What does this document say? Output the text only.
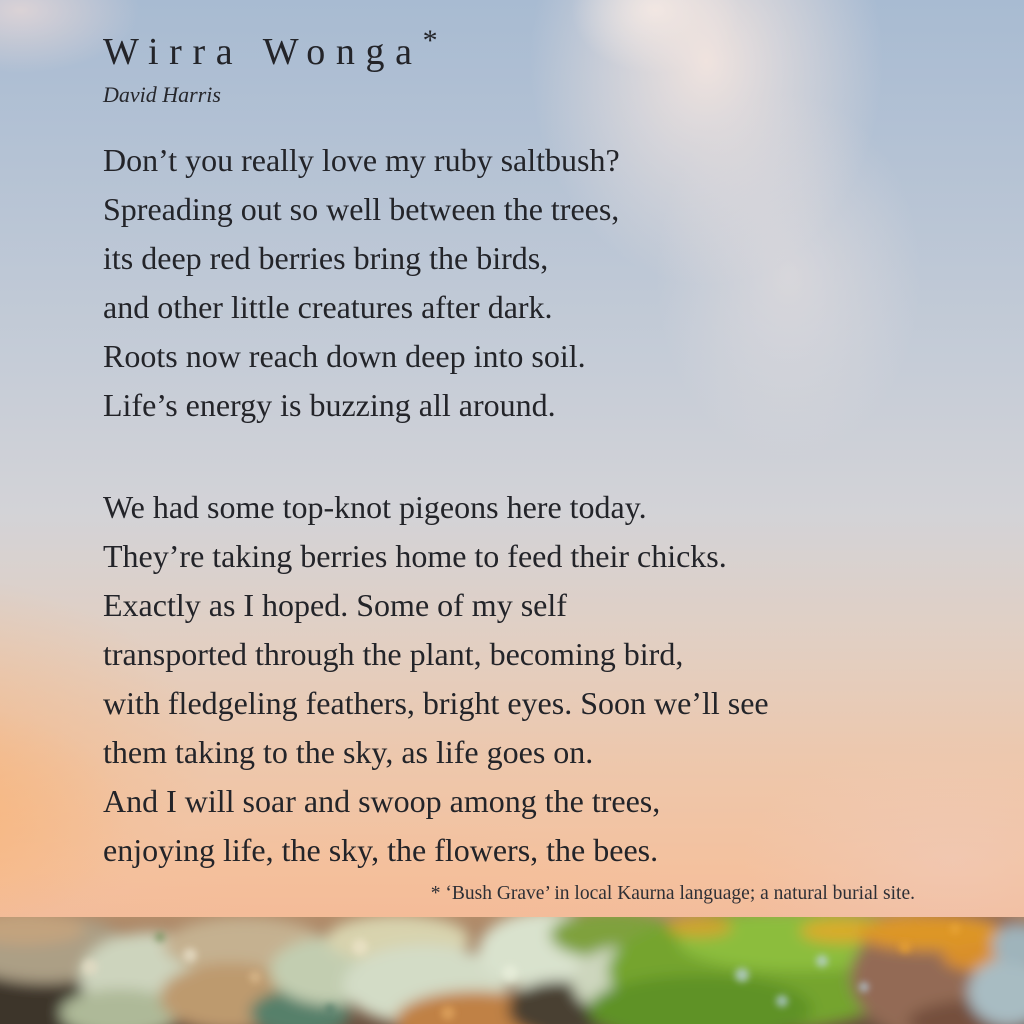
Wirra Wonga*
David Harris
Don’t you really love my ruby saltbush?
Spreading out so well between the trees,
its deep red berries bring the birds,
and other little creatures after dark.
Roots now reach down deep into soil.
Life’s energy is buzzing all around.
We had some top-knot pigeons here today.
They’re taking berries home to feed their chicks.
Exactly as I hoped. Some of my self
transported through the plant, becoming bird,
with fledgeling feathers, bright eyes. Soon we’ll see
them taking to the sky, as life goes on.
And I will soar and swoop among the trees,
enjoying life, the sky, the flowers, the bees.
* ‘Bush Grave’ in local Kaurna language; a natural burial site.
